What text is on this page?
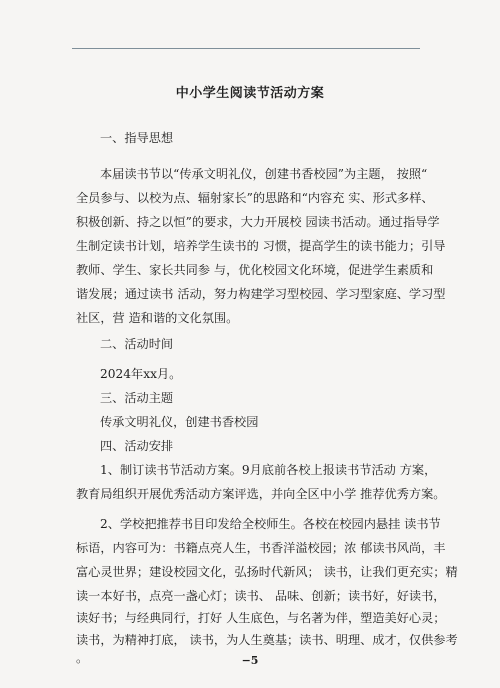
中小学生阅读节活动方案
一、指导思想
本届读书节以“传承文明礼仪，创建书香校园”为主题， 按照“
全员参与、以校为点、辐射家长”的思路和“内容充 实、形式多样、
积极创新、持之以恒”的要求，大力开展校 园读书活动。通过指导学
生制定读书计划，培养学生读书的 习惯，提高学生的读书能力；引导
教师、学生、家长共同参 与，优化校园文化环境，促进学生素质和
谐发展；通过读书 活动，努力构建学习型校园、学习型家庭、学习型
社区，营 造和谐的文化氛围。
二、活动时间
2024年xx月。
三、活动主题
传承文明礼仪，创建书香校园
四、活动安排
1、制订读书节活动方案。9月底前各校上报读书节活动 方案，
教育局组织开展优秀活动方案评选，并向全区中小学 推荐优秀方案。
2、学校把推荐书目印发给全校师生。各校在校园内悬挂 读书节
标语，内容可为：书籍点亮人生，书香洋溢校园；浓 郁读书风尚，丰
富心灵世界；建设校园文化，弘扬时代新风； 读书，让我们更充实；精
读一本好书，点亮一盏心灯；读书、 品味、创新；读书好，好读书，
读好书；与经典同行，打好 人生底色，与名著为伴，塑造美好心灵；
读书，为精神打底， 读书，为人生奠基；读书、明理、成才，仅供参考
。	−5
